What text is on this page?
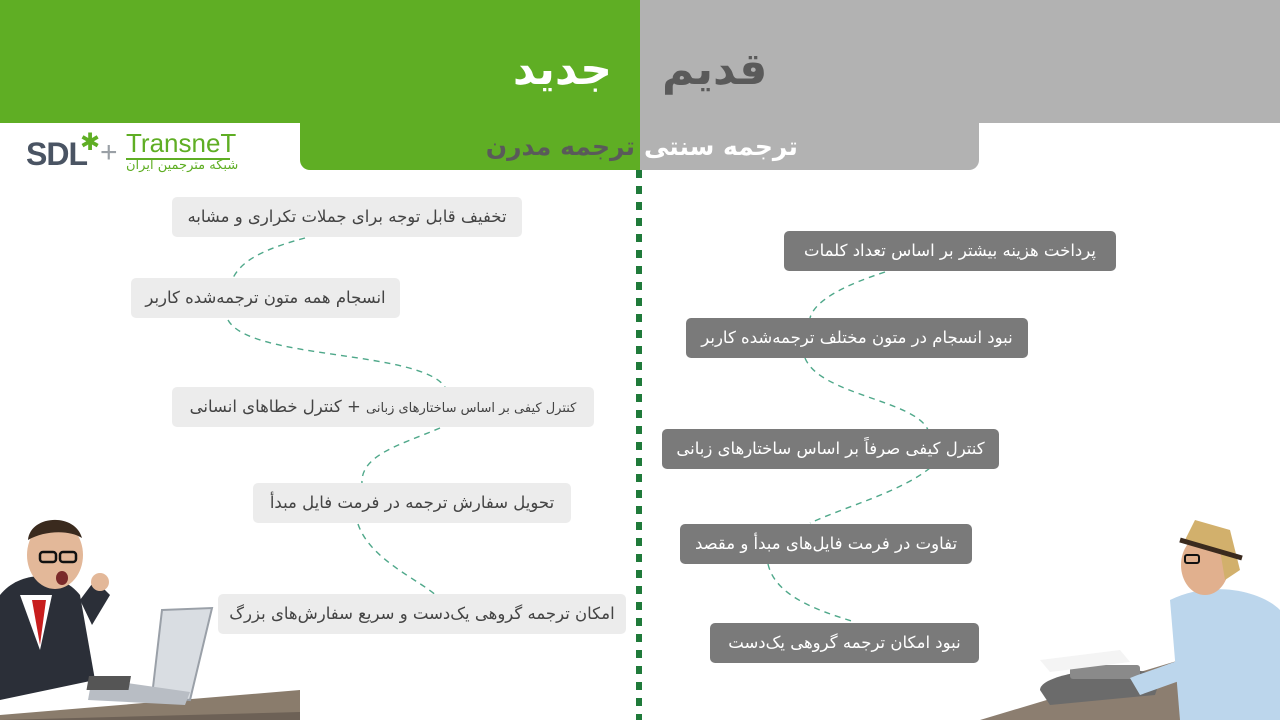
جدید قدیم
ترجمه مدرن ترجمه سنتی
SDL
✱ + TransneT
شبکه مترجمین ایران
تخفیف قابل توجه برای جملات تکراری و مشابه
انسجام همه متون ترجمه‌شده کاربر
کنترل کیفی بر اساس ساختارهای زبانی + کنترل خطاهای انسانی
تحویل سفارش ترجمه در فرمت فایل مبدأ
امکان ترجمه گروهی یک‌دست و سریع سفارش‌های بزرگ
پرداخت هزینه بیشتر بر اساس تعداد کلمات
نبود انسجام در متون مختلف ترجمه‌شده کاربر
کنترل کیفی صرفاً بر اساس ساختارهای زبانی
تفاوت در فرمت فایل‌های مبدأ و مقصد
نبود امکان ترجمه گروهی یک‌دست
